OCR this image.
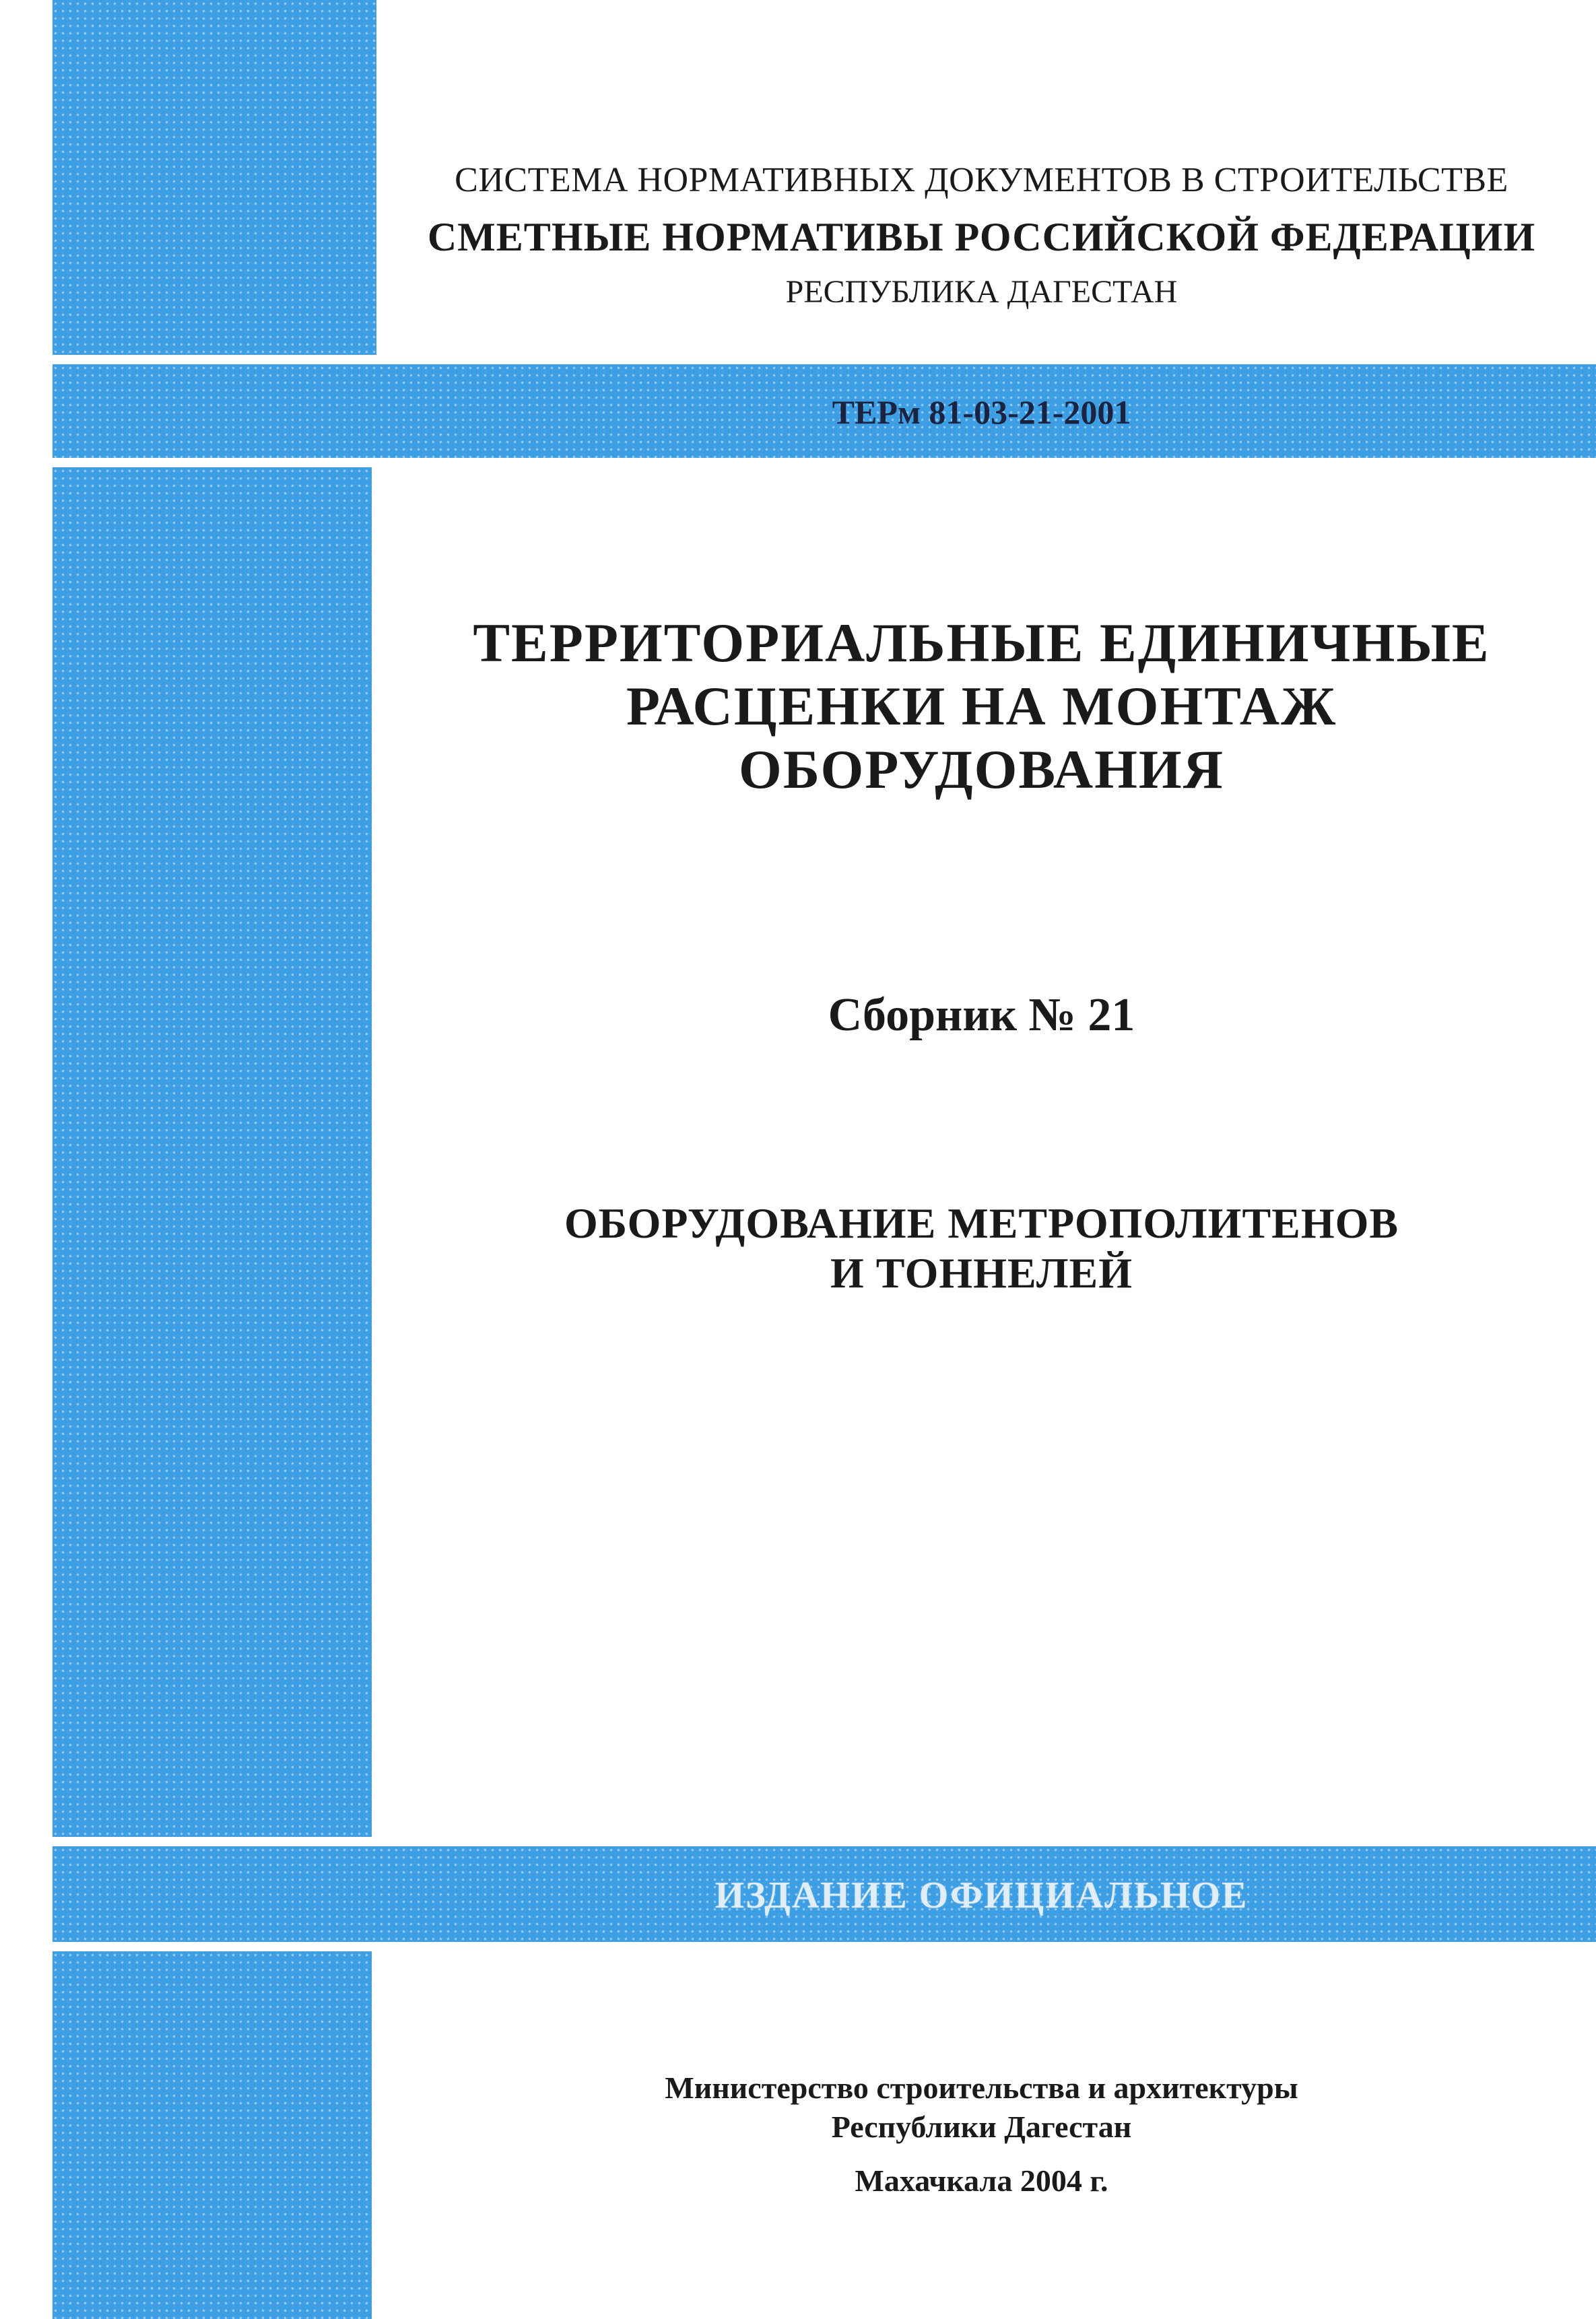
СИСТЕМА НОРМАТИВНЫХ ДОКУМЕНТОВ В СТРОИТЕЛЬСТВЕ
СМЕТНЫЕ НОРМАТИВЫ РОССИЙСКОЙ ФЕДЕРАЦИИ
РЕСПУБЛИКА ДАГЕСТАН
ТЕРм 81-03-21-2001
ТЕРРИТОРИАЛЬНЫЕ ЕДИНИЧНЫЕ
РАСЦЕНКИ НА МОНТАЖ
ОБОРУДОВАНИЯ
Сборник № 21
ОБОРУДОВАНИЕ МЕТРОПОЛИТЕНОВ
И ТОННЕЛЕЙ
ИЗДАНИЕ ОФИЦИАЛЬНОЕ
Министерство строительства и архитектуры
Республики Дагестан
Махачкала 2004 г.
